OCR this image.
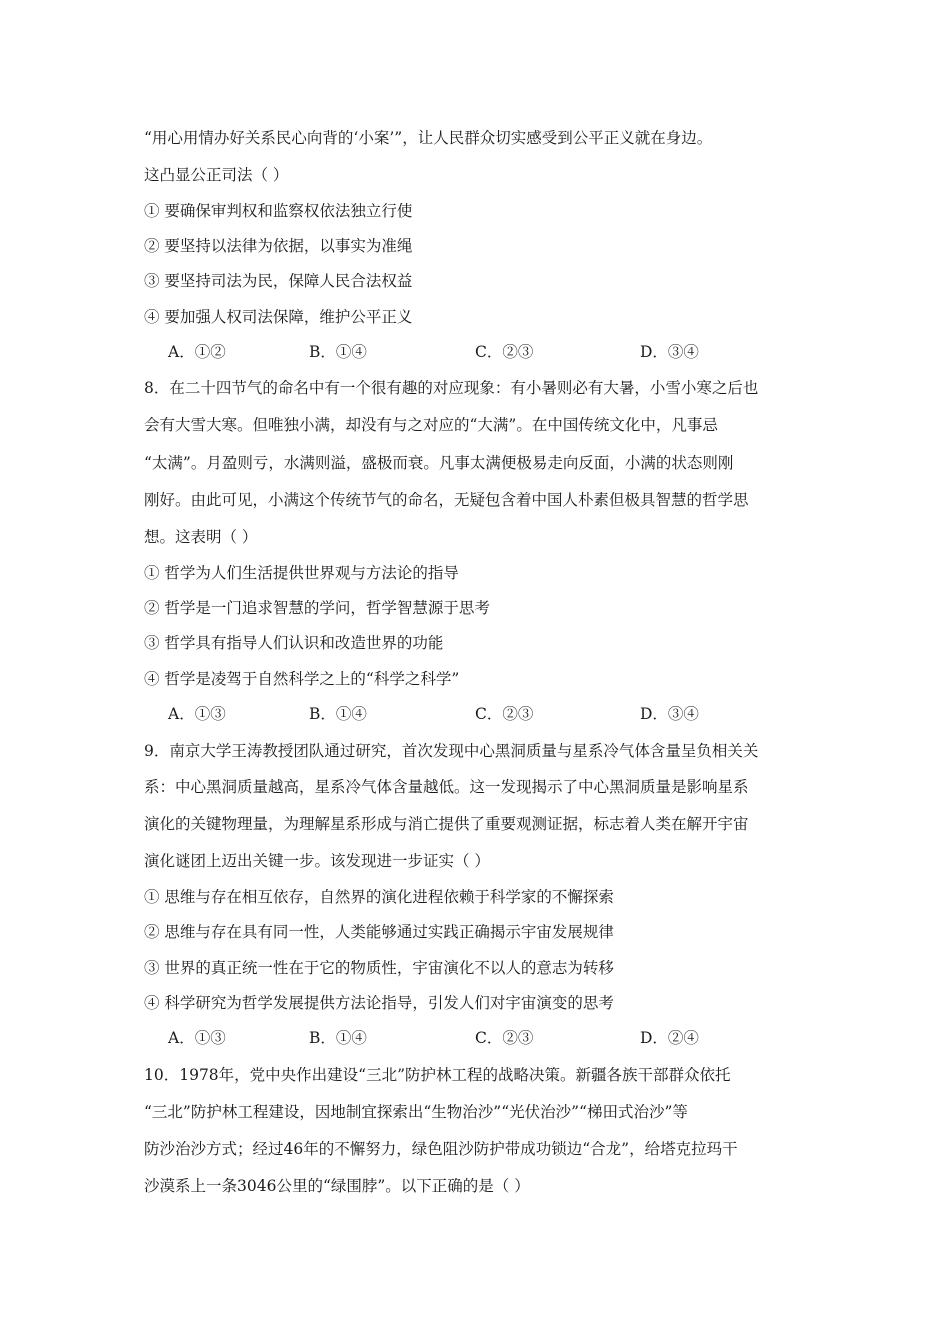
“用心用情办好关系民心向背的‘小案’”，让人民群众切实感受到公平正义就在身边。
这凸显公正司法（ ）
① 要确保审判权和监察权依法独立行使
② 要坚持以法律为依据，以事实为准绳
③ 要坚持司法为民，保障人民合法权益
④ 要加强人权司法保障，维护公平正义
A．①②	B．①④	C．②③	D．③④
8．在二十四节气的命名中有一个很有趣的对应现象：有小暑则必有大暑，小雪小寒之后也
会有大雪大寒。但唯独小满，却没有与之对应的“大满”。在中国传统文化中，凡事忌
“太满”。月盈则亏，水满则溢，盛极而衰。凡事太满便极易走向反面，小满的状态则刚
刚好。由此可见，小满这个传统节气的命名，无疑包含着中国人朴素但极具智慧的哲学思
想。这表明（ ）
① 哲学为人们生活提供世界观与方法论的指导
② 哲学是一门追求智慧的学问，哲学智慧源于思考
③ 哲学具有指导人们认识和改造世界的功能
④ 哲学是凌驾于自然科学之上的“科学之科学”
A．①③	B．①④	C．②③	D．③④
9．南京大学王涛教授团队通过研究，首次发现中心黑洞质量与星系冷气体含量呈负相关关
系：中心黑洞质量越高，星系冷气体含量越低。这一发现揭示了中心黑洞质量是影响星系
演化的关键物理量，为理解星系形成与消亡提供了重要观测证据，标志着人类在解开宇宙
演化谜团上迈出关键一步。该发现进一步证实（ ）
① 思维与存在相互依存，自然界的演化进程依赖于科学家的不懈探索
② 思维与存在具有同一性，人类能够通过实践正确揭示宇宙发展规律
③ 世界的真正统一性在于它的物质性，宇宙演化不以人的意志为转移
④ 科学研究为哲学发展提供方法论指导，引发人们对宇宙演变的思考
A．①③	B．①④	C．②③	D．②④
10．1978年，党中央作出建设“三北”防护林工程的战略决策。新疆各族干部群众依托
“三北”防护林工程建设，因地制宜探索出“生物治沙”“光伏治沙”“梯田式治沙”等
防沙治沙方式；经过46年的不懈努力，绿色阻沙防护带成功锁边“合龙”，给塔克拉玛干
沙漠系上一条3046公里的“绿围脖”。以下正确的是（ ）
